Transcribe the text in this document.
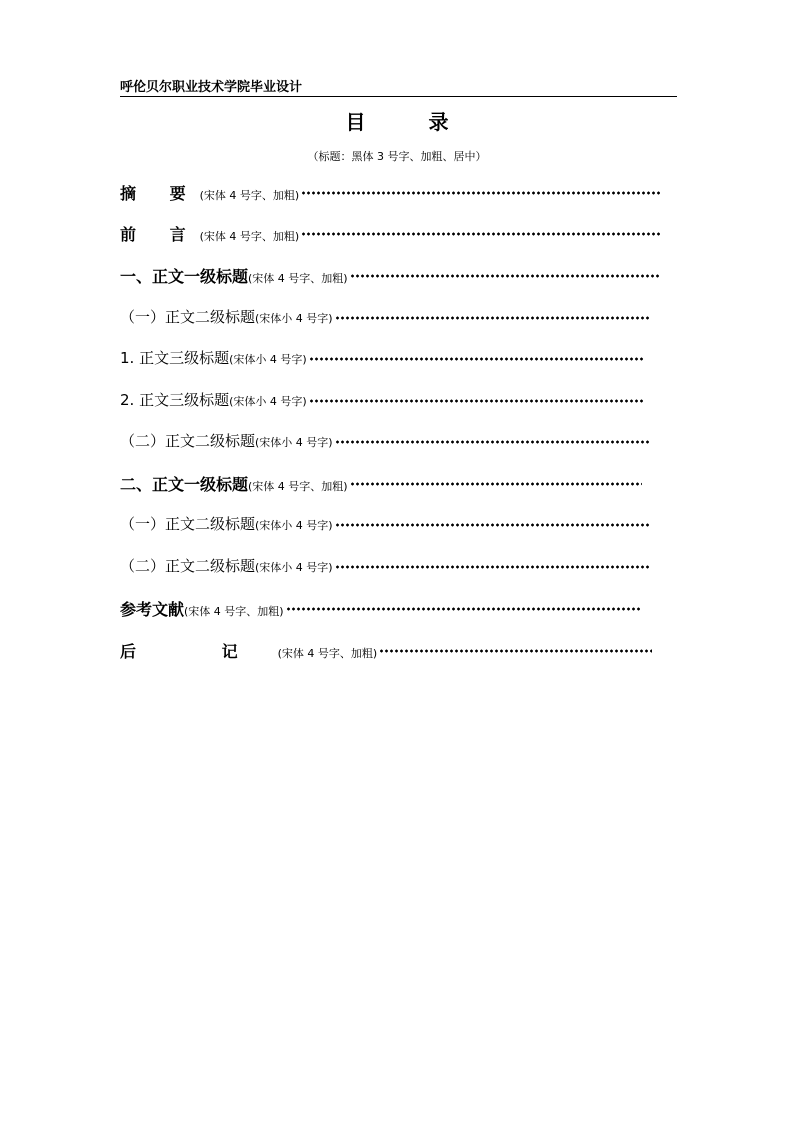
呼伦贝尔职业技术学院毕业设计
目 录
（标题：黑体 3 号字、加粗、居中）
摘 要 (宋体 4 号字、加粗)
前 言 (宋体 4 号字、加粗)
一、正文一级标题 (宋体 4 号字、加粗)
（一）正文二级标题 (宋体小 4 号字)
1. 正文三级标题 (宋体小 4 号字)
2. 正文三级标题 (宋体小 4 号字)
（二）正文二级标题 (宋体小 4 号字)
二、正文一级标题 (宋体 4 号字、加粗)
（一）正文二级标题 (宋体小 4 号字)
（二）正文二级标题 (宋体小 4 号字)
参考文献 (宋体 4 号字、加粗)
后 记 (宋体 4 号字、加粗)
